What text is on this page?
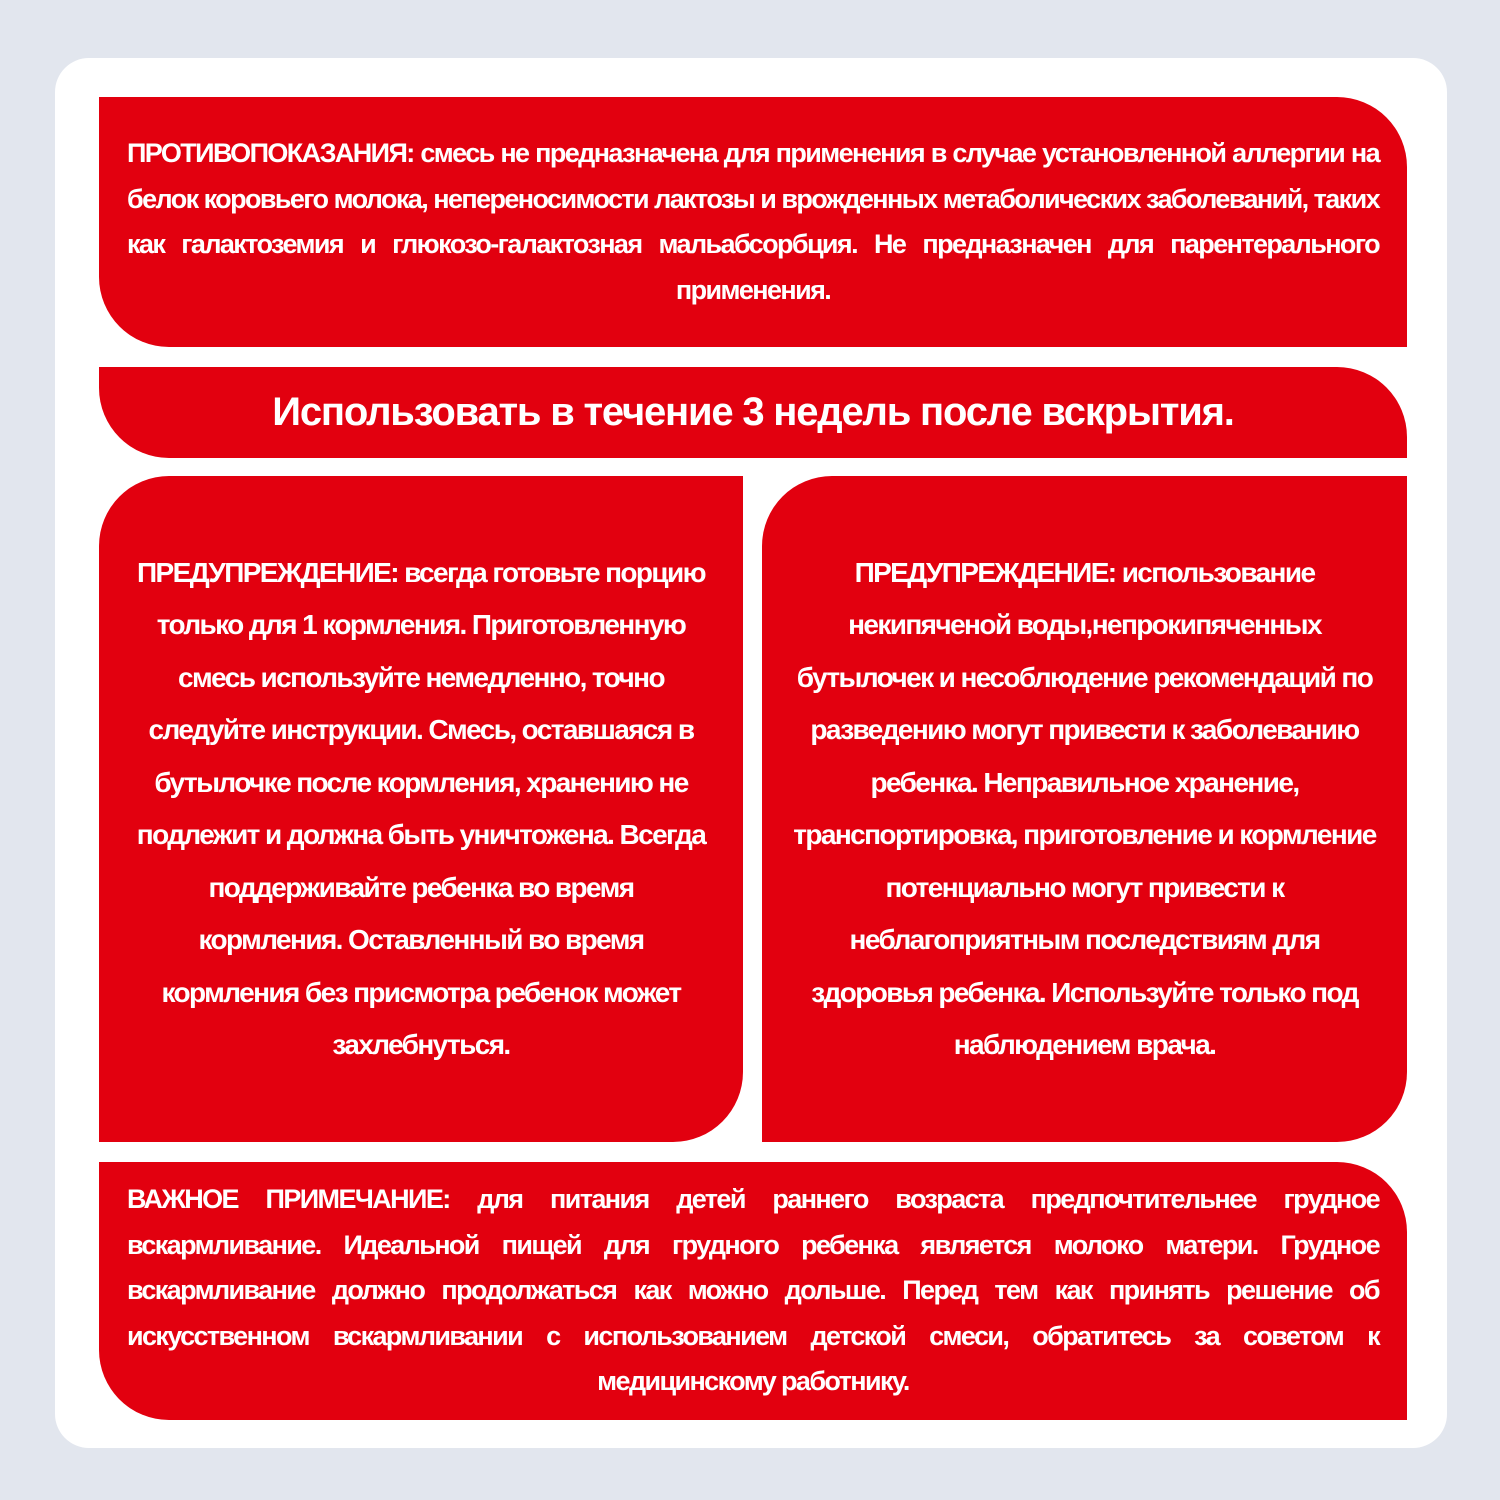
ПРОТИВОПОКАЗАНИЯ: смесь не предназначена для применения в случае установленной аллергии на белок коровьего молока, непереносимости лактозы и врожденных метаболических заболеваний, таких как галактоземия и глюкозо-галактозная мальабсорбция. Не предназначен для парентерального применения.

Использовать в течение 3 недель после вскрытия.

ПРЕДУПРЕЖДЕНИЕ: всегда готовьте порцию только для 1 кормления. Приготовленную смесь используйте немедленно, точно следуйте инструкции. Смесь, оставшаяся в бутылочке после кормления, хранению не подлежит и должна быть уничтожена. Всегда поддерживайте ребенка во время кормления. Оставленный во время кормления без присмотра ребенок может захлебнуться.

ПРЕДУПРЕЖДЕНИЕ: использование некипяченой воды,непрокипяченных бутылочек и несоблюдение рекомендаций по разведению могут привести к заболеванию ребенка. Неправильное хранение, транспортировка, приготовление и кормление потенциально могут привести к неблагоприятным последствиям для здоровья ребенка. Используйте только под наблюдением врача.

ВАЖНОЕ ПРИМЕЧАНИЕ: для питания детей раннего возраста предпочтительнее грудное вскармливание. Идеальной пищей для грудного ребенка является молоко матери. Грудное вскармливание должно продолжаться как можно дольше. Перед тем как принять решение об искусственном вскармливании с использованием детской смеси, обратитесь за советом к медицинскому работнику.
